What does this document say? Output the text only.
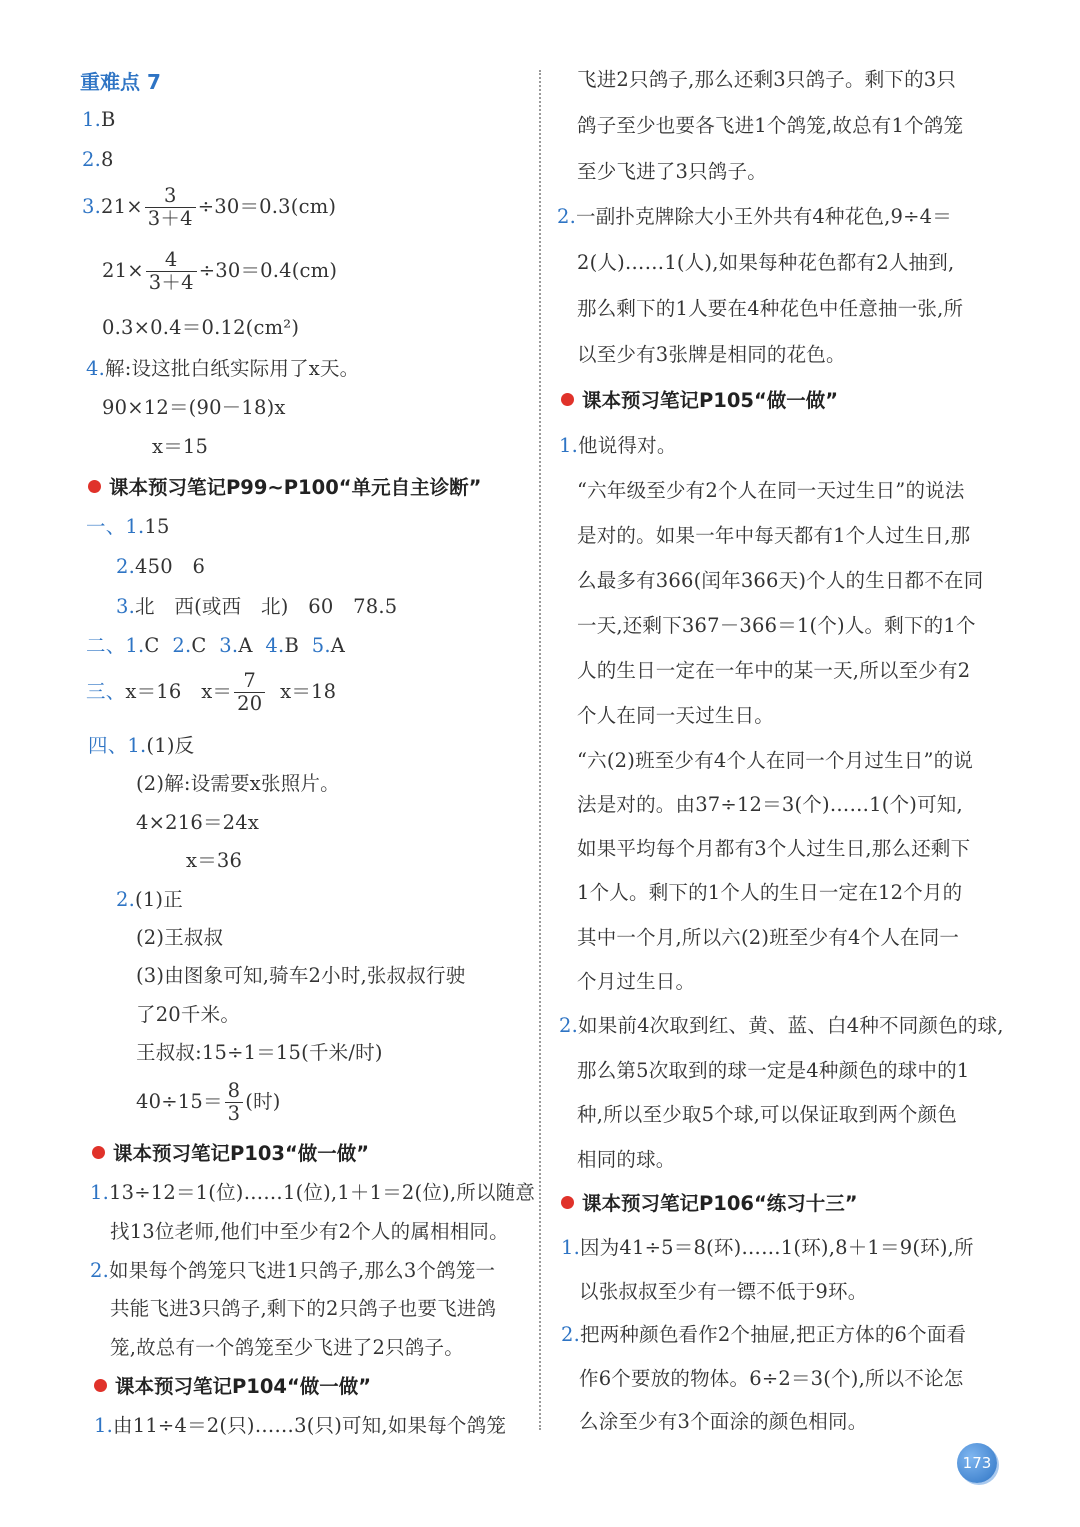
重难点 7
1.B
2.8
$3.21\times \frac{3}{3+4} \div 30=0.3(cm)$
$21\times \frac{4}{3+4} \div 30=0.4(cm)$
0.3×0.4＝0.12(cm²)
4.解:设这批白纸实际用了x天。
90×12＝(90－18)x
x＝15
课本预习笔记P99~P100“单元自主诊断”
一、1.15
2.450　6
3.北　西(或西　北)　60　78.5
二、1.C 2.C 3.A 4.B 5.A
三、x＝16　$x= \frac{7}{20} x=18$
四、1.(1)反
(2)解:设需要x张照片。
4×216＝24x
x＝36
2.(1)正
(2)王叔叔
(3)由图象可知,骑车2小时,张叔叔行驶
了20千米。
王叔叔:15÷1＝15(千米/时)
$40\div 15= \frac{8}{3}$ (时)
课本预习笔记P103“做一做”
1.13÷12＝1(位)……1(位),1＋1＝2(位),所以随意
找13位老师,他们中至少有2个人的属相相同。
2.如果每个鸽笼只飞进1只鸽子,那么3个鸽笼一
共能飞进3只鸽子,剩下的2只鸽子也要飞进鸽
笼,故总有一个鸽笼至少飞进了2只鸽子。
课本预习笔记P104“做一做”
1.由11÷4＝2(只)……3(只)可知,如果每个鸽笼
飞进2只鸽子,那么还剩3只鸽子。剩下的3只
鸽子至少也要各飞进1个鸽笼,故总有1个鸽笼
至少飞进了3只鸽子。
2.一副扑克牌除大小王外共有4种花色,9÷4＝
2(人)……1(人),如果每种花色都有2人抽到,
那么剩下的1人要在4种花色中任意抽一张,所
以至少有3张牌是相同的花色。
课本预习笔记P105“做一做”
1.他说得对。
“六年级至少有2个人在同一天过生日”的说法
是对的。如果一年中每天都有1个人过生日,那
么最多有366(闰年366天)个人的生日都不在同
一天,还剩下367－366＝1(个)人。剩下的1个
人的生日一定在一年中的某一天,所以至少有2
个人在同一天过生日。
“六(2)班至少有4个人在同一个月过生日”的说
法是对的。由37÷12＝3(个)……1(个)可知,
如果平均每个月都有3个人过生日,那么还剩下
1个人。剩下的1个人的生日一定在12个月的
其中一个月,所以六(2)班至少有4个人在同一
个月过生日。
2.如果前4次取到红、黄、蓝、白4种不同颜色的球,
那么第5次取到的球一定是4种颜色的球中的1
种,所以至少取5个球,可以保证取到两个颜色
相同的球。
课本预习笔记P106“练习十三”
1.因为41÷5＝8(环)……1(环),8＋1＝9(环),所
以张叔叔至少有一镖不低于9环。
2.把两种颜色看作2个抽屉,把正方体的6个面看
作6个要放的物体。6÷2＝3(个),所以不论怎
么涂至少有3个面涂的颜色相同。
173
